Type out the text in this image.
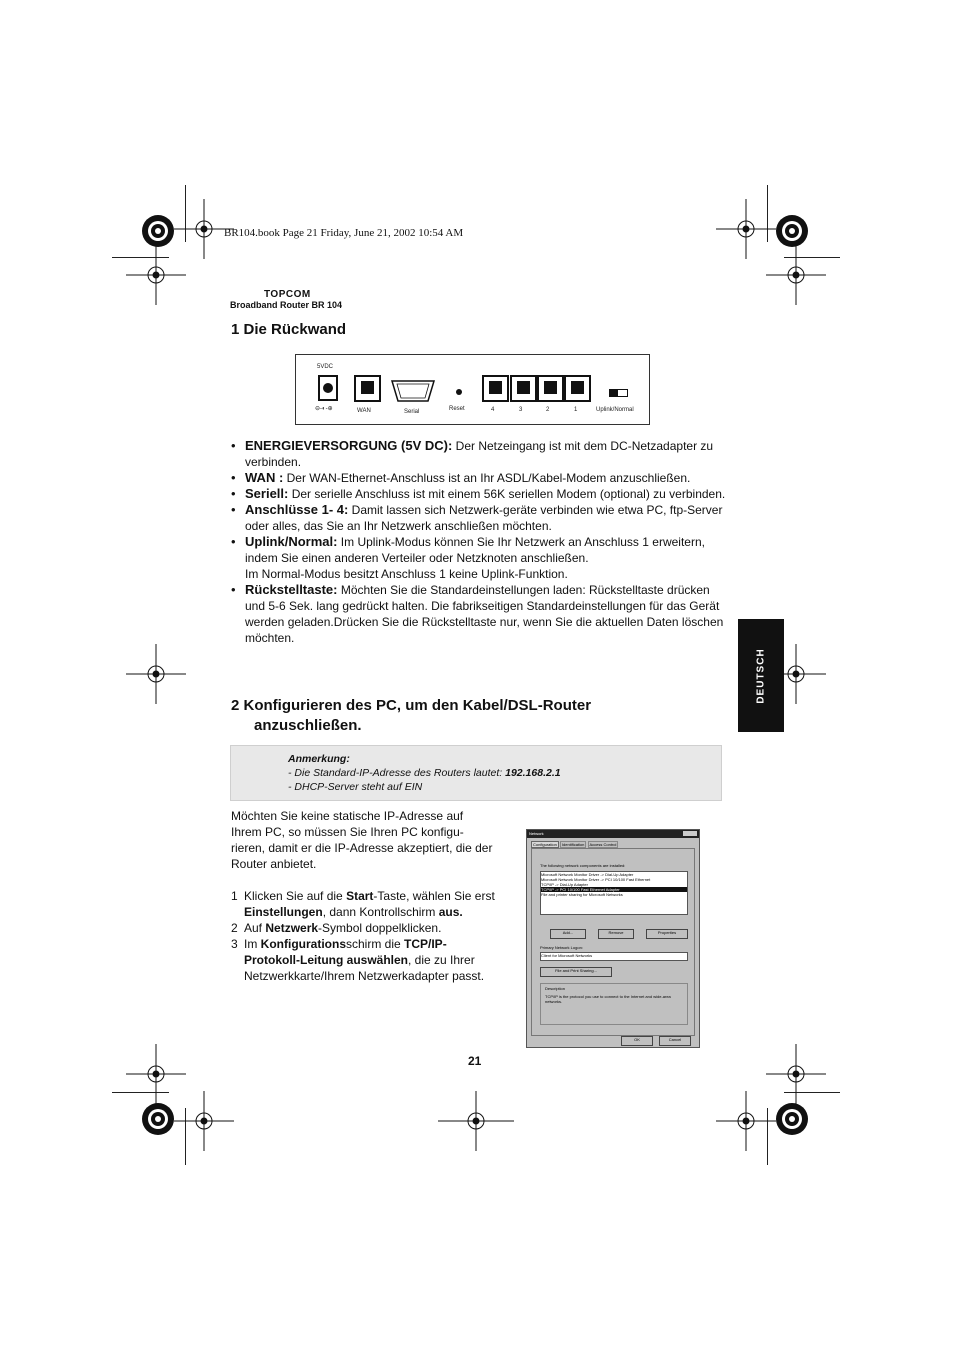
BR104.book Page 21 Friday, June 21, 2002 10:54 AM
TOPCOM
Broadband Router BR 104
1 Die Rückwand
5VDC
⊖-◐-⊕	WAN	Serial	Reset	4	3	2	1	Uplink/Normal
• ENERGIEVERSORGUNG (5V DC): Der Netzeingang ist mit dem DC-Netzadapter zu verbinden.
• WAN : Der WAN-Ethernet-Anschluss ist an Ihr ASDL/Kabel-Modem anzuschließen.
• Seriell: Der serielle Anschluss ist mit einem 56K seriellen Modem (optional) zu verbinden.
• Anschlüsse 1- 4: Damit lassen sich Netzwerk-geräte verbinden wie etwa PC, ftp-Server oder alles, das Sie an Ihr Netzwerk anschließen möchten.
• Uplink/Normal: Im Uplink-Modus können Sie Ihr Netzwerk an Anschluss 1 erweitern, indem Sie einen anderen Verteiler oder Netzknoten anschließen.
Im Normal-Modus besitzt Anschluss 1 keine Uplink-Funktion.
• Rückstelltaste: Möchten Sie die Standardeinstellungen laden: Rückstelltaste drücken und 5-6 Sek. lang gedrückt halten. Die fabrikseitigen Standardeinstellungen für das Gerät werden geladen.Drücken Sie die Rückstelltaste nur, wenn Sie die aktuellen Daten löschen möchten.
DEUTSCH
2 Konfigurieren des PC, um den Kabel/DSL-Router
anzuschließen.
Anmerkung:
- Die Standard-IP-Adresse des Routers lautet: 192.168.2.1
- DHCP-Server steht auf EIN

Möchten Sie keine statische IP-Adresse auf Ihrem PC, so müssen Sie Ihren PC konfigu-rieren, damit er die IP-Adresse akzeptiert, die der Router anbietet.

1 Klicken Sie auf die Start-Taste, wählen Sie erst Einstellungen, dann Kontrollschirm aus.
2 Auf Netzwerk-Symbol doppelklicken.
3 Im Konfigurationsschirm die TCP/IP-Protokoll-Leitung auswählen, die zu Ihrer Netzwerkkarte/Ihrem Netzwerkadapter passt.
Network
Configuration Identification Access Control
The following network components are installed:
Microsoft Network Monitor Driver -> Dial-Up Adapter
Microsoft Network Monitor Driver -> PCI 10/100 Fast Ethernet
TCP/IP -> Dial-Up Adapter
TCP/IP -> PCI 10/100 Fast Ethernet Adapter
File and printer sharing for Microsoft Networks
Add...	Remove	Properties
Primary Network Logon:
Client for Microsoft Networks
File and Print Sharing...
Description
TCP/IP is the protocol you use to connect to the Internet and wide-area networks.
OK	Cancel
21
